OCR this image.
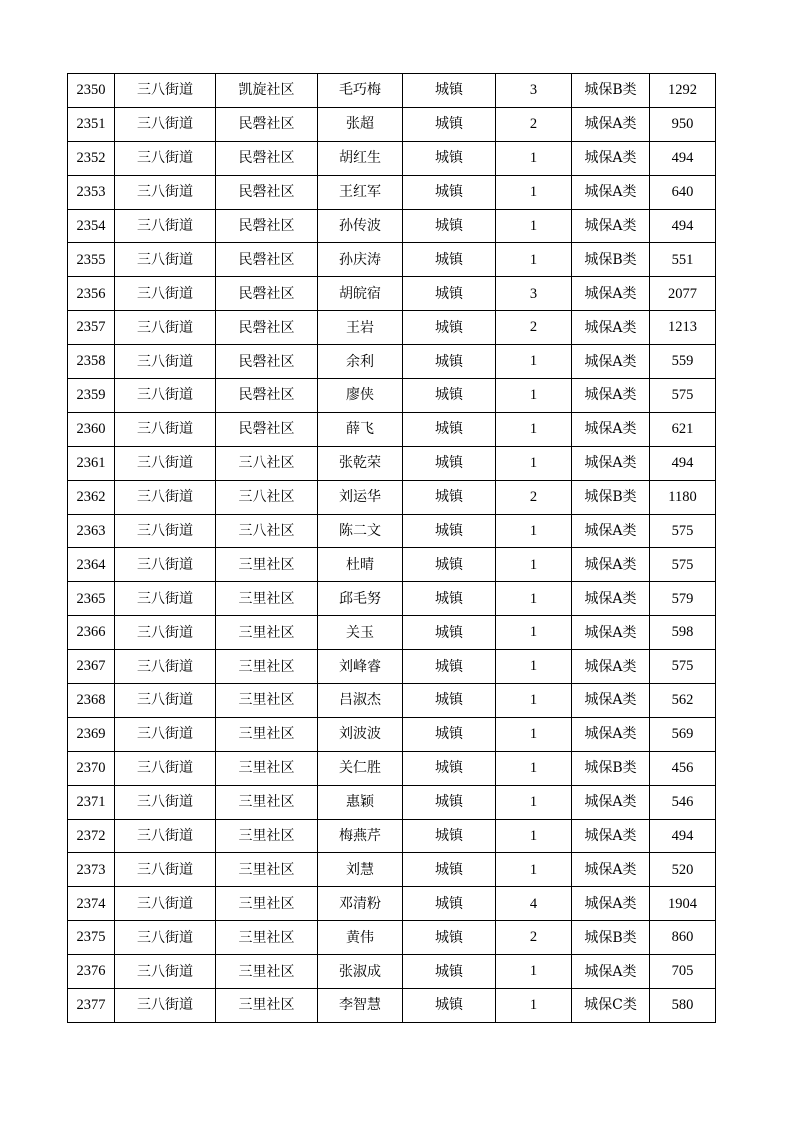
2350	三八街道	凯旋社区	毛巧梅	城镇	3	城保B类	1292
2351	三八街道	民磬社区	张超	城镇	2	城保A类	950
2352	三八街道	民磬社区	胡红生	城镇	1	城保A类	494
2353	三八街道	民磬社区	王红军	城镇	1	城保A类	640
2354	三八街道	民磬社区	孙传波	城镇	1	城保A类	494
2355	三八街道	民磬社区	孙庆涛	城镇	1	城保B类	551
2356	三八街道	民磬社区	胡皖宿	城镇	3	城保A类	2077
2357	三八街道	民磬社区	王岩	城镇	2	城保A类	1213
2358	三八街道	民磬社区	余利	城镇	1	城保A类	559
2359	三八街道	民磬社区	廖侠	城镇	1	城保A类	575
2360	三八街道	民磬社区	薛飞	城镇	1	城保A类	621
2361	三八街道	三八社区	张乾荣	城镇	1	城保A类	494
2362	三八街道	三八社区	刘运华	城镇	2	城保B类	1180
2363	三八街道	三八社区	陈二文	城镇	1	城保A类	575
2364	三八街道	三里社区	杜晴	城镇	1	城保A类	575
2365	三八街道	三里社区	邱毛努	城镇	1	城保A类	579
2366	三八街道	三里社区	关玉	城镇	1	城保A类	598
2367	三八街道	三里社区	刘峰睿	城镇	1	城保A类	575
2368	三八街道	三里社区	吕淑杰	城镇	1	城保A类	562
2369	三八街道	三里社区	刘波波	城镇	1	城保A类	569
2370	三八街道	三里社区	关仁胜	城镇	1	城保B类	456
2371	三八街道	三里社区	惠颖	城镇	1	城保A类	546
2372	三八街道	三里社区	梅燕芹	城镇	1	城保A类	494
2373	三八街道	三里社区	刘慧	城镇	1	城保A类	520
2374	三八街道	三里社区	邓清粉	城镇	4	城保A类	1904
2375	三八街道	三里社区	黄伟	城镇	2	城保B类	860
2376	三八街道	三里社区	张淑成	城镇	1	城保A类	705
2377	三八街道	三里社区	李智慧	城镇	1	城保C类	580
